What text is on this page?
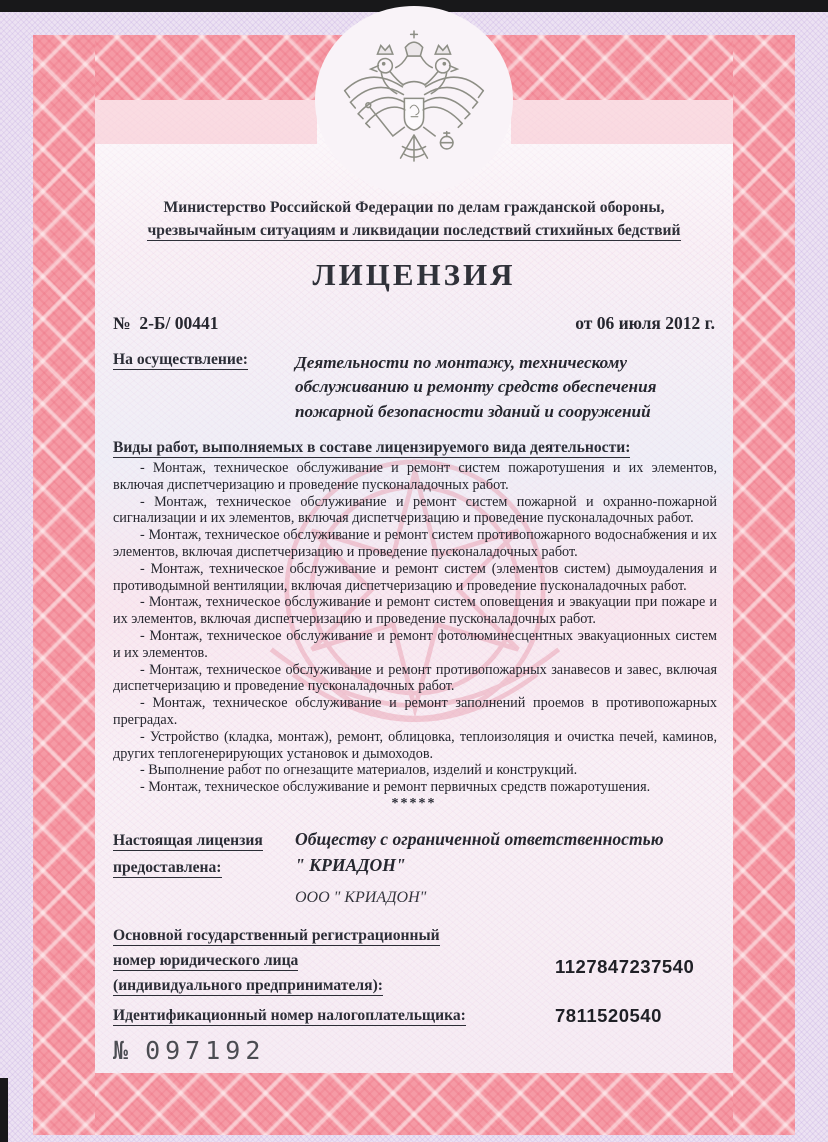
Министерство Российской Федерации по делам гражданской обороны,
чрезвычайным ситуациям и ликвидации последствий стихийных бедствий
ЛИЦЕНЗИЯ
№  2-Б/ 00441	от 06 июля 2012 г.
На осуществление:	Деятельности по монтажу, техническому обслуживанию и ремонту средств обеспечения пожарной безопасности зданий и сооружений
Виды работ, выполняемых в составе лицензируемого вида деятельности:
- Монтаж, техническое обслуживание и ремонт систем пожаротушения и их элементов, включая диспетчеризацию и проведение пусконаладочных работ.
- Монтаж, техническое обслуживание и ремонт систем пожарной и охранно-пожарной сигнализации и их элементов, включая диспетчеризацию и проведение пусконаладочных работ.
- Монтаж, техническое обслуживание и ремонт систем противопожарного водоснабжения и их элементов, включая диспетчеризацию и проведение пусконаладочных работ.
- Монтаж, техническое обслуживание и ремонт систем (элементов систем) дымоудаления и противодымной вентиляции, включая диспетчеризацию и проведение пусконаладочных работ.
- Монтаж, техническое обслуживание и ремонт систем оповещения и эвакуации при пожаре и их элементов, включая диспетчеризацию и проведение пусконаладочных работ.
- Монтаж, техническое обслуживание и ремонт фотолюминесцентных эвакуационных систем и их элементов.
- Монтаж, техническое обслуживание и ремонт противопожарных занавесов и завес, включая диспетчеризацию и проведение пусконаладочных работ.
- Монтаж, техническое обслуживание и ремонт заполнений проемов в противопожарных преградах.
- Устройство (кладка, монтаж), ремонт, облицовка, теплоизоляция и очистка печей, каминов, других теплогенерирующих установок и дымоходов.
- Выполнение работ по огнезащите материалов, изделий и конструкций.
- Монтаж, техническое обслуживание и ремонт первичных средств пожаротушения.
*****
Настоящая лицензия
предоставлена:
Обществу с ограниченной ответственностью
" КРИАДОН"
ООО " КРИАДОН"
Основной государственный регистрационный
номер юридического лица
(индивидуального предпринимателя):
1127847237540
Идентификационный номер налогоплательщика:	7811520540
№ 097192
